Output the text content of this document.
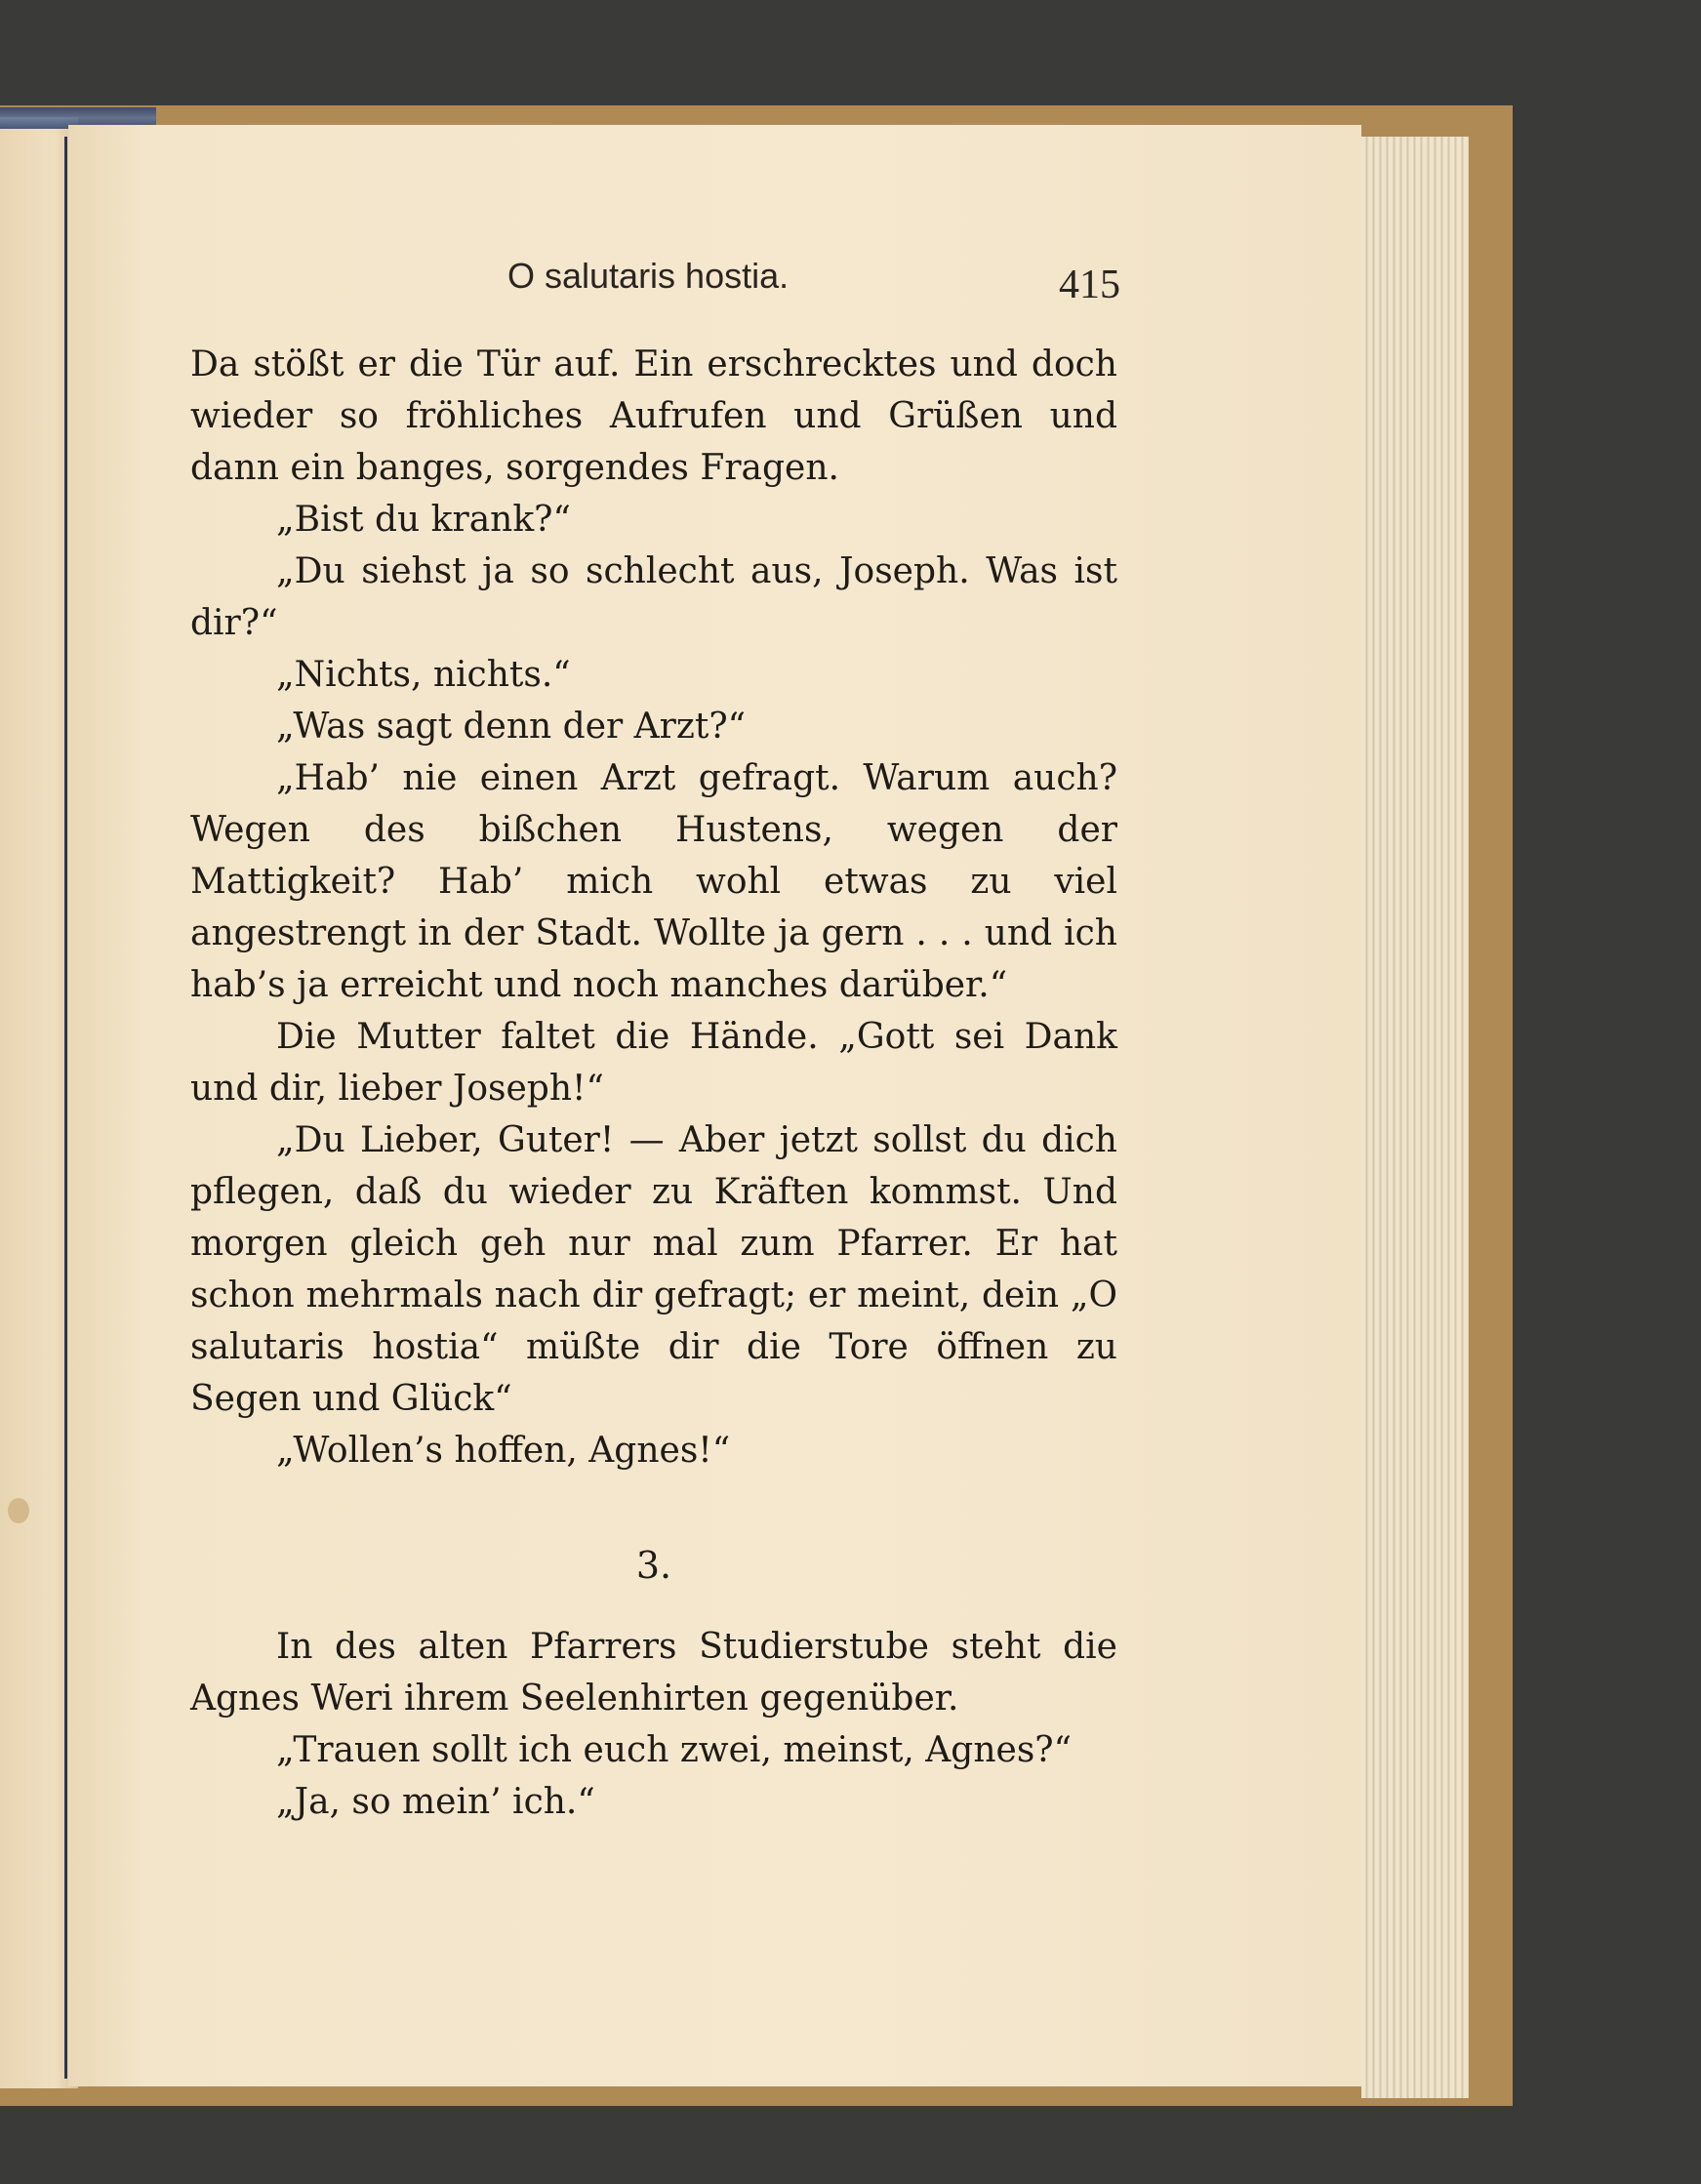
O salutaris hostia.	415

Da stößt er die Tür auf. Ein erschrecktes und doch wieder so fröhliches Aufrufen und Grüßen und dann ein banges, sorgendes Fragen.

„Bist du krank?“

„Du siehst ja so schlecht aus, Joseph. Was ist dir?“

„Nichts, nichts.“

„Was sagt denn der Arzt?“

„Hab’ nie einen Arzt gefragt. Warum auch? Wegen des bißchen Hustens, wegen der Mattigkeit? Hab’ mich wohl etwas zu viel angestrengt in der Stadt. Wollte ja gern . . . und ich hab’s ja erreicht und noch manches darüber.“

Die Mutter faltet die Hände. „Gott sei Dank und dir, lieber Joseph!“

„Du Lieber, Guter! — Aber jetzt sollst du dich pflegen, daß du wieder zu Kräften kommst. Und morgen gleich geh nur mal zum Pfarrer. Er hat schon mehrmals nach dir gefragt; er meint, dein „O salutaris hostia“ müßte dir die Tore öffnen zu Segen und Glück“

„Wollen’s hoffen, Agnes!“

3.

In des alten Pfarrers Studierstube steht die Agnes Weri ihrem Seelenhirten gegenüber.

„Trauen sollt ich euch zwei, meinst, Agnes?“

„Ja, so mein’ ich.“
